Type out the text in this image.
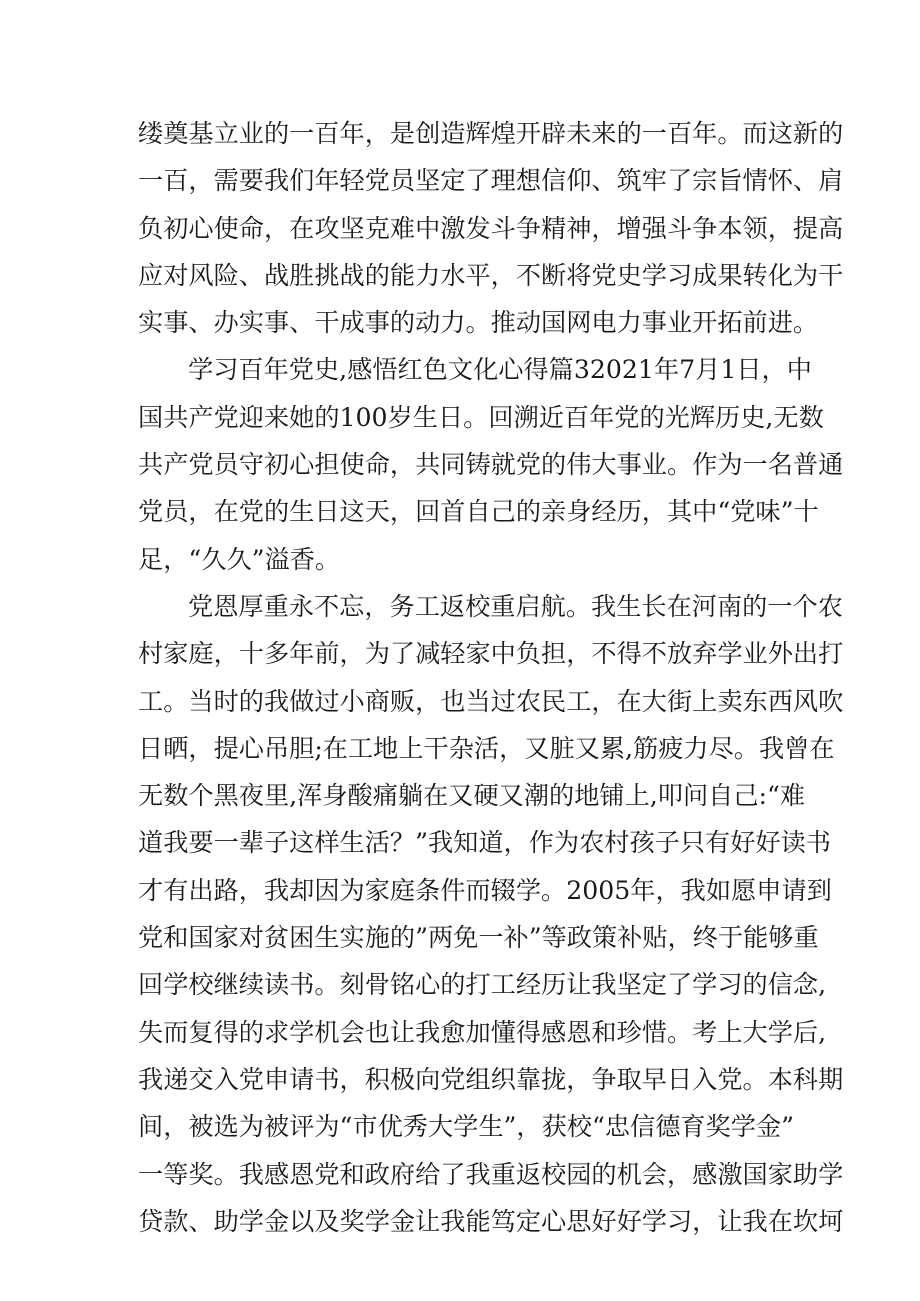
缕奠基立业的一百年，是创造辉煌开辟未来的一百年。而这新的
一百，需要我们年轻党员坚定了理想信仰、筑牢了宗旨情怀、肩
负初心使命，在攻坚克难中激发斗争精神，增强斗争本领，提高
应对风险、战胜挑战的能力水平，不断将党史学习成果转化为干
实事、办实事、干成事的动力。推动国网电力事业开拓前进。
学习百年党史,感悟红色文化心得篇32021年7月1日，中
国共产党迎来她的100岁生日。回溯近百年党的光辉历史,无数
共产党员守初心担使命，共同铸就党的伟大事业。作为一名普通
党员，在党的生日这天，回首自己的亲身经历，其中“党味”十
足，“久久”溢香。
党恩厚重永不忘，务工返校重启航。我生长在河南的一个农
村家庭，十多年前，为了减轻家中负担，不得不放弃学业外出打
工。当时的我做过小商贩，也当过农民工，在大街上卖东西风吹
日晒，提心吊胆;在工地上干杂活，又脏又累,筋疲力尽。我曾在
无数个黑夜里,浑身酸痛躺在又硬又潮的地铺上,叩问自己:“难
道我要一辈子这样生活？”我知道，作为农村孩子只有好好读书
才有出路，我却因为家庭条件而辍学。2005年，我如愿申请到
党和国家对贫困生实施的”两免一补”等政策补贴，终于能够重
回学校继续读书。刻骨铭心的打工经历让我坚定了学习的信念,
失而复得的求学机会也让我愈加懂得感恩和珍惜。考上大学后,
我递交入党申请书，积极向党组织靠拢，争取早日入党。本科期
间，被选为被评为“市优秀大学生”，获校“忠信德育奖学金”
一等奖。我感恩党和政府给了我重返校园的机会，感激国家助学
贷款、助学金以及奖学金让我能笃定心思好好学习，让我在坎坷
